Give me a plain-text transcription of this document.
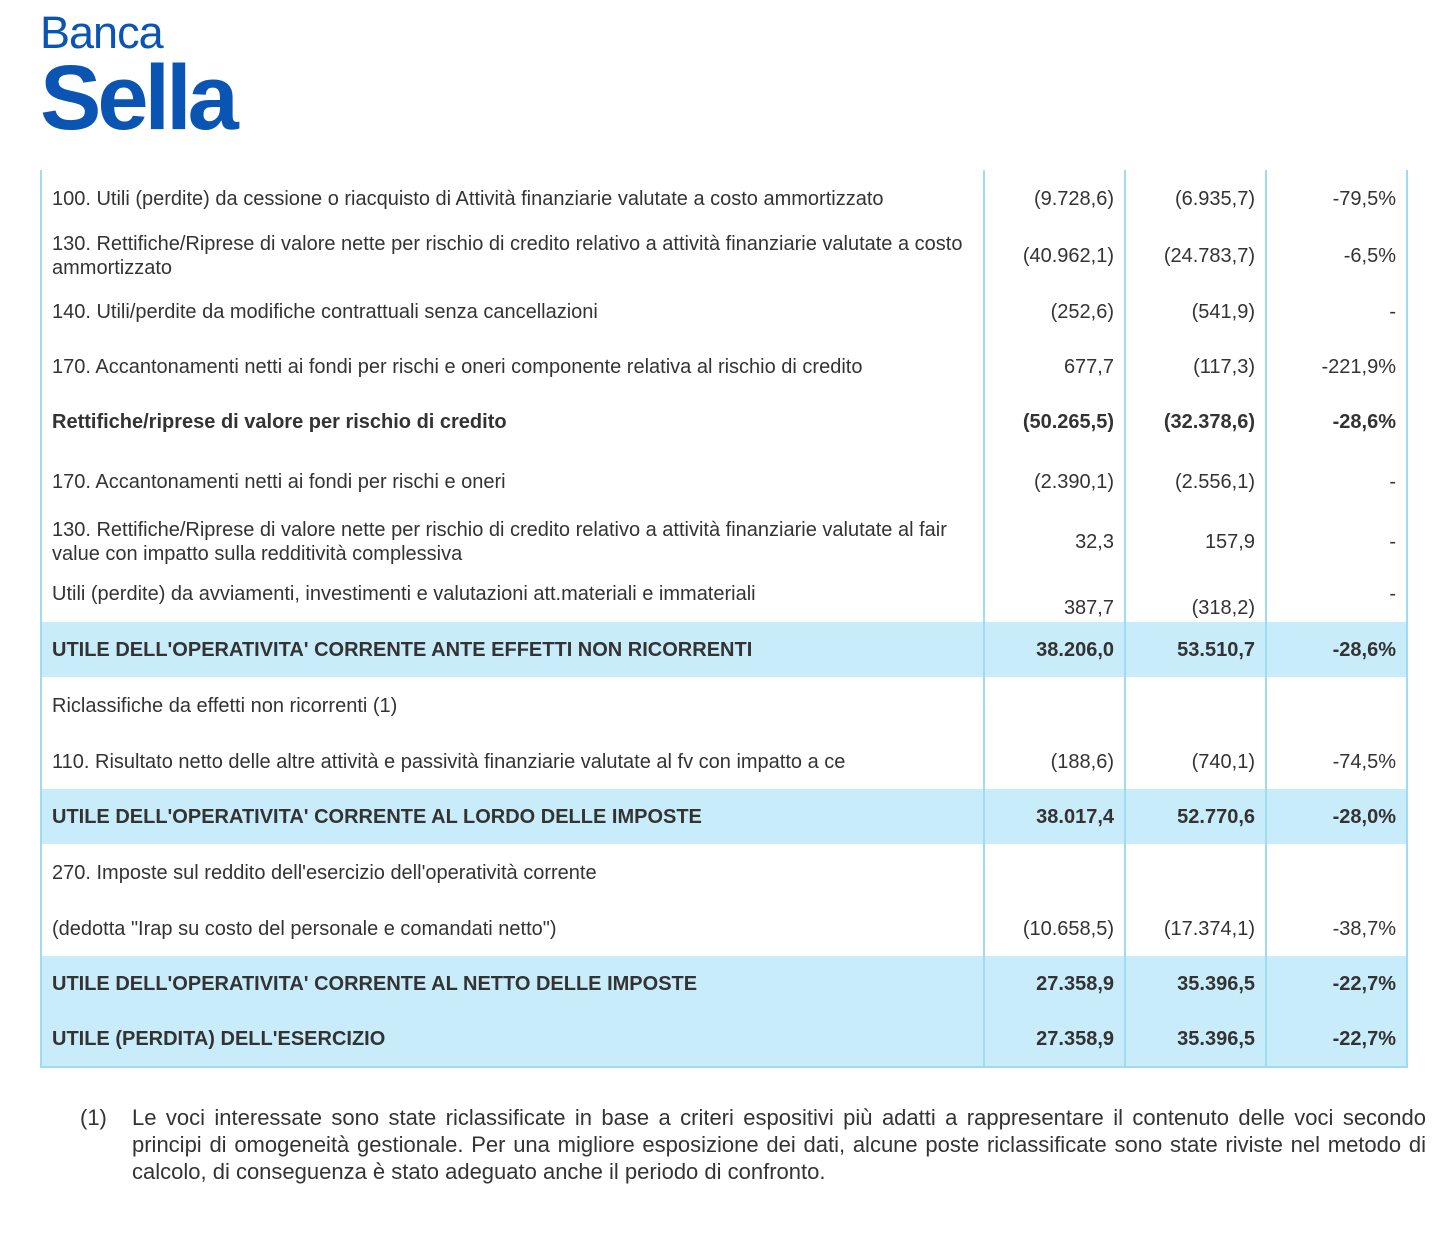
Banca
Sella
100. Utili (perdite) da cessione o riacquisto di Attività finanziarie valutate a costo ammortizzato	(9.728,6)	(6.935,7)	-79,5%
130. Rettifiche/Riprese di valore nette per rischio di credito relativo a attività finanziarie valutate a costo ammortizzato	(40.962,1)	(24.783,7)	-6,5%
140. Utili/perdite da modifiche contrattuali senza cancellazioni	(252,6)	(541,9)	-
170. Accantonamenti netti ai fondi per rischi e oneri componente relativa al rischio di credito	677,7	(117,3)	-221,9%
Rettifiche/riprese di valore per rischio di credito	(50.265,5)	(32.378,6)	-28,6%
170. Accantonamenti netti ai fondi per rischi e oneri	(2.390,1)	(2.556,1)	-
130. Rettifiche/Riprese di valore nette per rischio di credito relativo a attività finanziarie valutate al fair value con impatto sulla redditività complessiva	32,3	157,9	-
Utili (perdite) da avviamenti, investimenti e valutazioni att.materiali e immateriali	387,7	(318,2)	-
UTILE DELL'OPERATIVITA' CORRENTE ANTE EFFETTI NON RICORRENTI	38.206,0	53.510,7	-28,6%
Riclassifiche da effetti non ricorrenti (1)			
110. Risultato netto delle altre attività e passività finanziarie valutate al fv con impatto a ce	(188,6)	(740,1)	-74,5%
UTILE DELL'OPERATIVITA' CORRENTE AL LORDO DELLE IMPOSTE	38.017,4	52.770,6	-28,0%
270. Imposte sul reddito dell'esercizio dell'operatività corrente			
(dedotta "Irap su costo del personale e comandati netto")	(10.658,5)	(17.374,1)	-38,7%
UTILE DELL'OPERATIVITA' CORRENTE AL NETTO DELLE IMPOSTE	27.358,9	35.396,5	-22,7%
UTILE (PERDITA) DELL'ESERCIZIO	27.358,9	35.396,5	-22,7%
(1) Le voci interessate sono state riclassificate in base a criteri espositivi più adatti a rappresentare il contenuto delle voci secondo principi di omogeneità gestionale. Per una migliore esposizione dei dati, alcune poste riclassificate sono state riviste nel metodo di calcolo, di conseguenza è stato adeguato anche il periodo di confronto.
